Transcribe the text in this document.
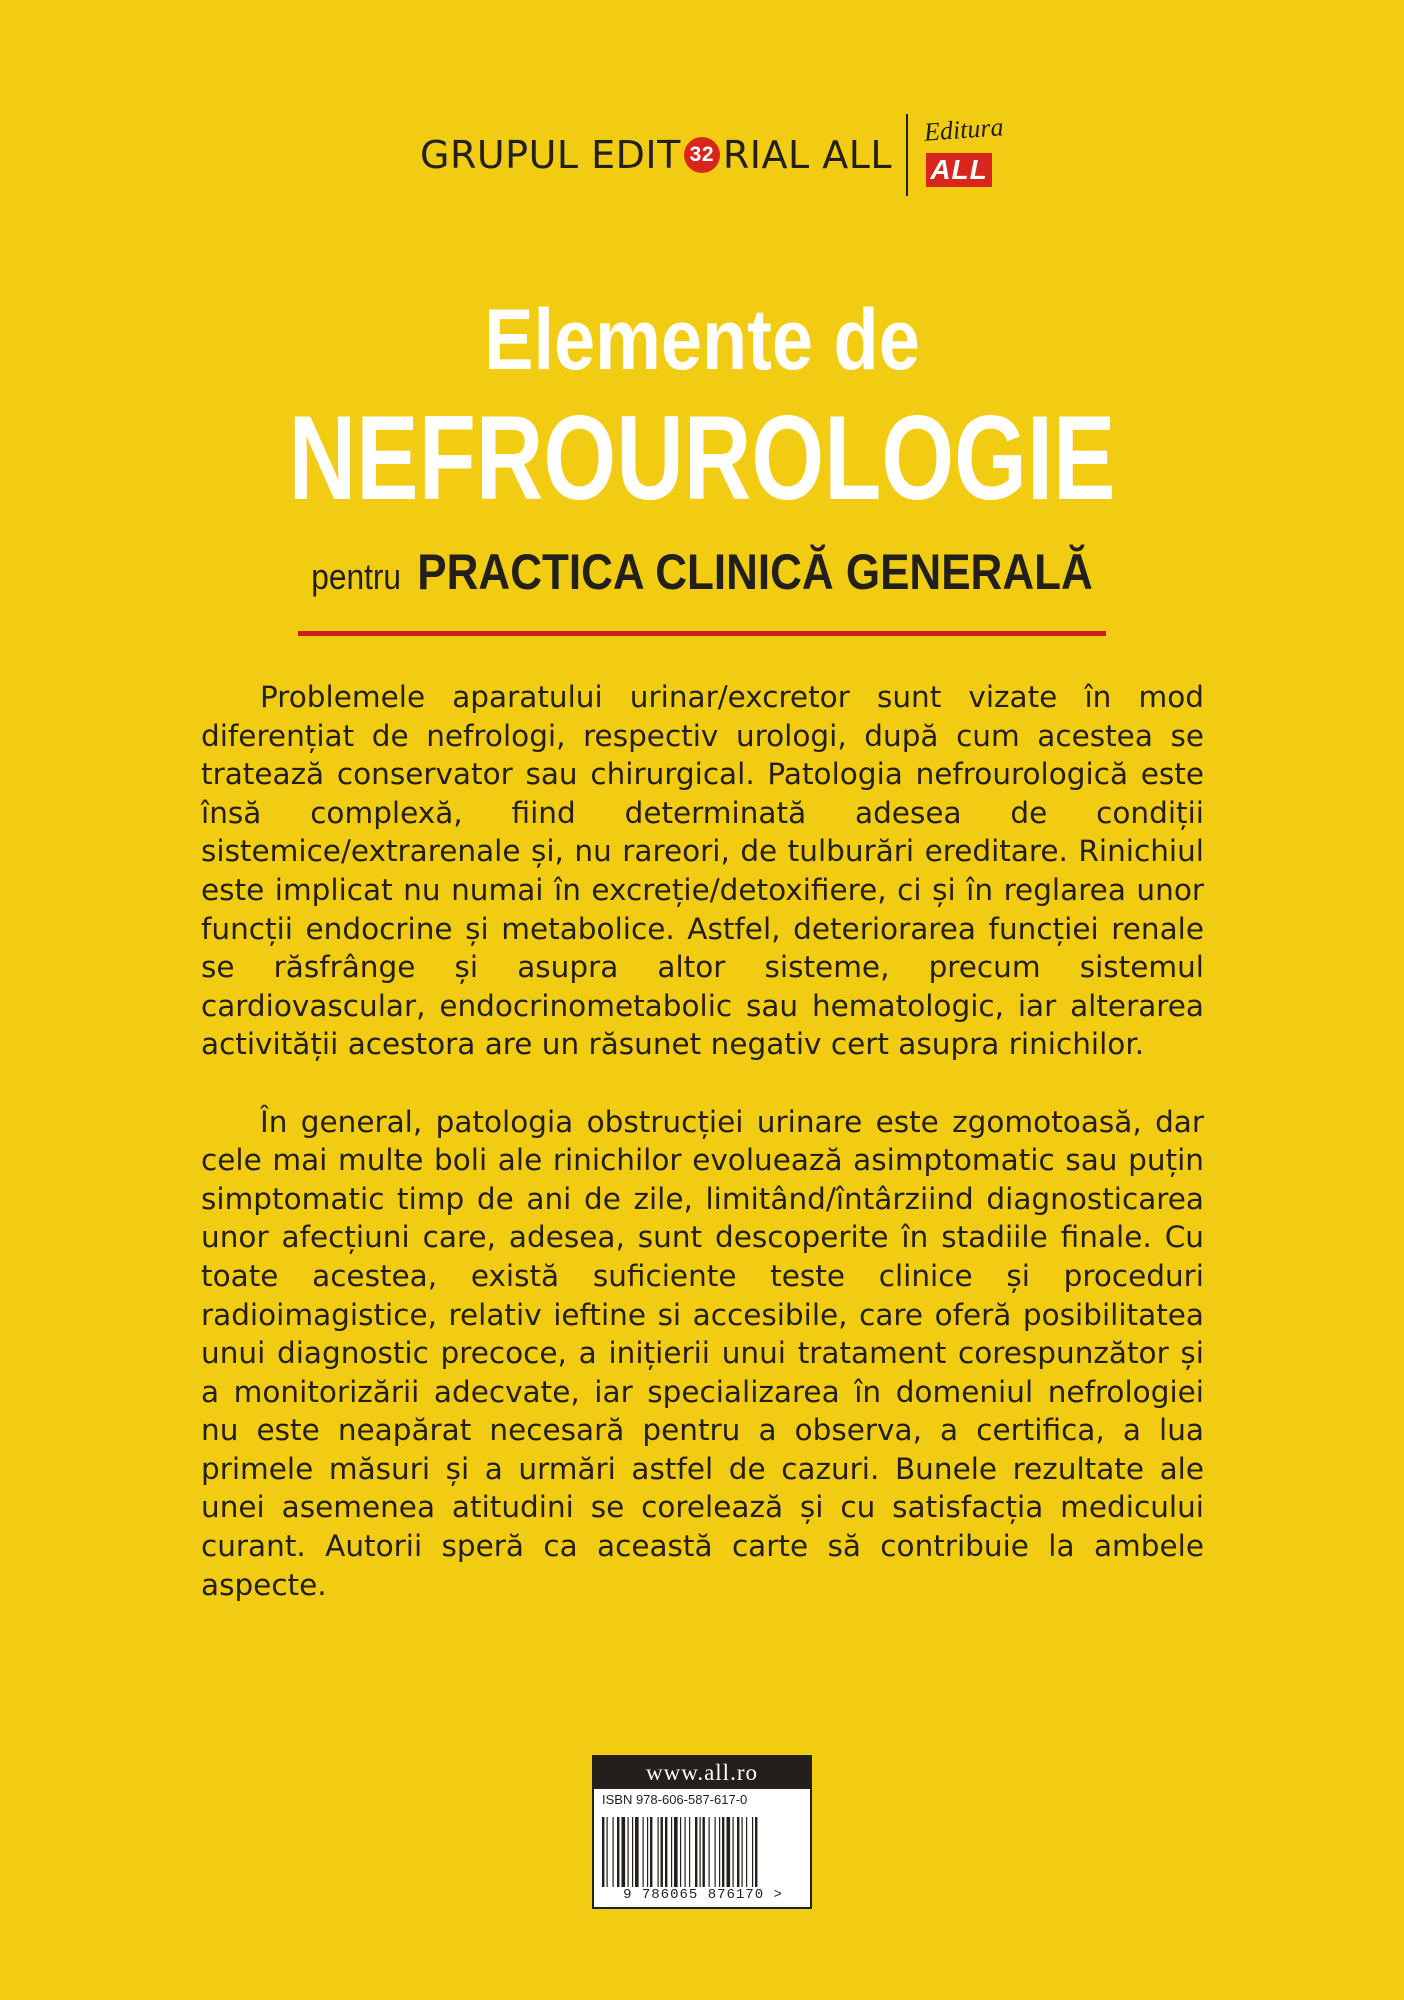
GRUPUL EDIT 32 RIAL ALL
Editura
ALL
Elemente de
NEFROUROLOGIE
pentru PRACTICA CLINICĂ GENERALĂ

Problemele aparatului urinar/excretor sunt vizate în mod diferențiat de nefrologi, respectiv urologi, după cum acestea se tratează conservator sau chirurgical. Patologia nefrourologică este însă complexă, fiind determinată adesea de condiții sistemice/extrarenale și, nu rareori, de tulburări ereditare. Rinichiul este implicat nu numai în excreție/detoxifiere, ci și în reglarea unor funcții endocrine și metabolice. Astfel, deteriorarea funcției renale se răsfrânge și asupra altor sisteme, precum sistemul cardiovascular, endocrinometabolic sau hematologic, iar alterarea activității acestora are un răsunet negativ cert asupra rinichilor.

În general, patologia obstrucției urinare este zgomotoasă, dar cele mai multe boli ale rinichilor evoluează asimptomatic sau puțin simptomatic timp de ani de zile, limitând/întârziind diagnosticarea unor afecțiuni care, adesea, sunt descoperite în stadiile finale. Cu toate acestea, există suficiente teste clinice și proceduri radioimagistice, relativ ieftine si accesibile, care oferă posibilitatea unui diagnostic precoce, a inițierii unui tratament corespunzător și a monitorizării adecvate, iar specializarea în domeniul nefrologiei nu este neapărat necesară pentru a observa, a certifica, a lua primele măsuri și a urmări astfel de cazuri. Bunele rezultate ale unei asemenea atitudini se corelează și cu satisfacția medicului curant. Autorii speră ca această carte să contribuie la ambele aspecte.

www.all.ro
ISBN 978-606-587-617-0
9 786065 876170 >
